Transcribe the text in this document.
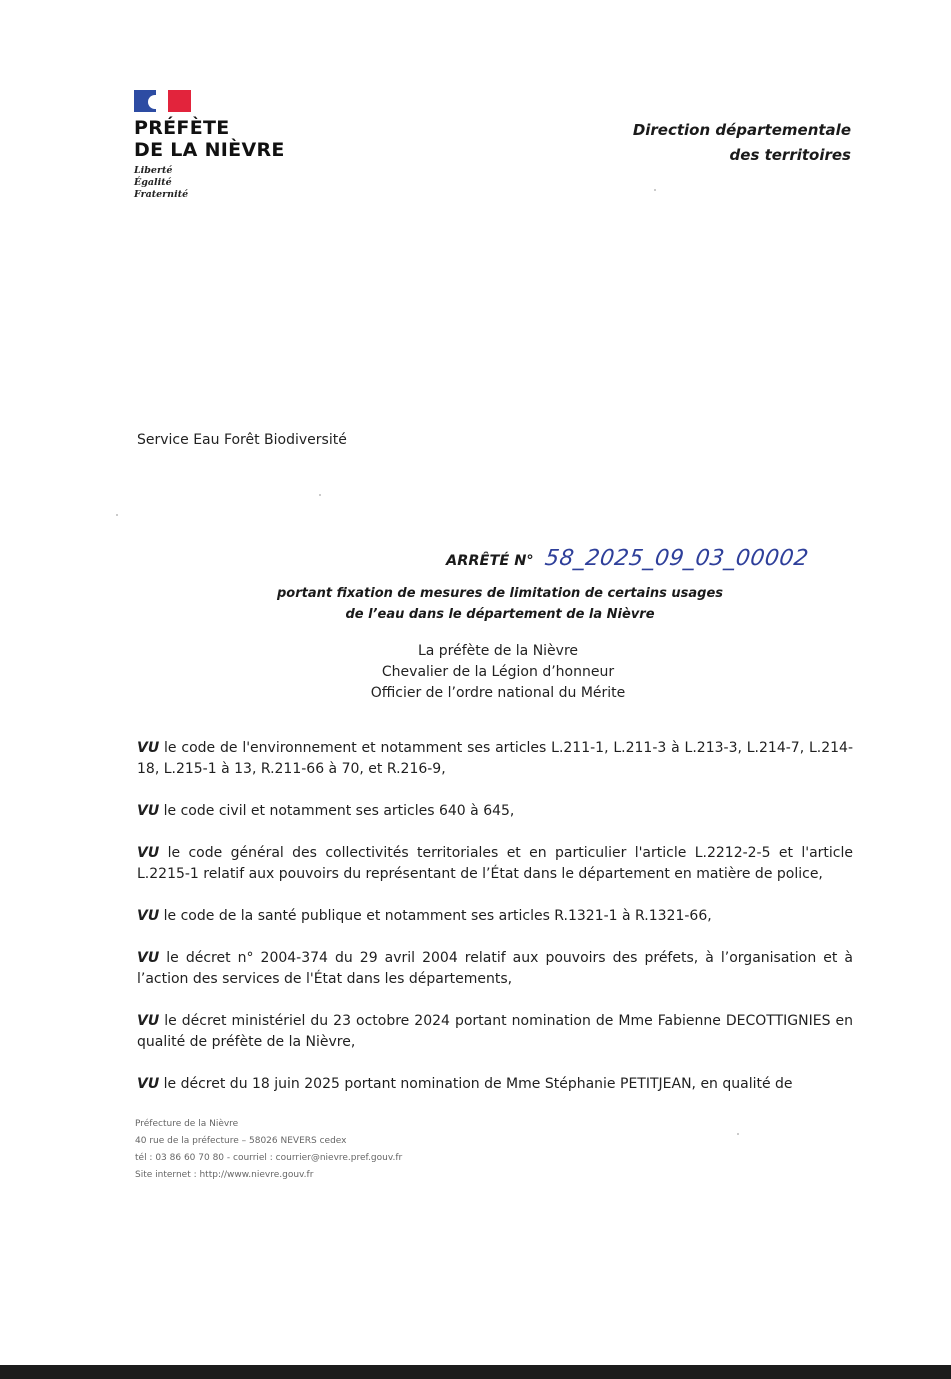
PRÉFÈTE
DE LA NIÈVRE
Liberté
Égalité
Fraternité
Direction départementale
des territoires
Service Eau Forêt Biodiversité
ARRÊTÉ N° 58_2025_09_03_00002
portant fixation de mesures de limitation de certains usages
de l’eau dans le département de la Nièvre
La préfète de la Nièvre
Chevalier de la Légion d’honneur
Officier de l’ordre national du Mérite

VU le code de l'environnement et notamment ses articles L.211-1, L.211-3 à L.213-3, L.214-7, L.214-18, L.215-1 à 13, R.211-66 à 70, et R.216-9,

VU le code civil et notamment ses articles 640 à 645,

VU le code général des collectivités territoriales et en particulier l'article L.2212-2-5 et l'article L.2215-1 relatif aux pouvoirs du représentant de l’État dans le département en matière de police,

VU le code de la santé publique et notamment ses articles R.1321-1 à R.1321-66,

VU le décret n° 2004-374 du 29 avril 2004 relatif aux pouvoirs des préfets, à l’organisation et à l’action des services de l'État dans les départements,

VU le décret ministériel du 23 octobre 2024 portant nomination de Mme Fabienne DECOTTIGNIES en qualité de préfète de la Nièvre,

VU le décret du 18 juin 2025 portant nomination de Mme Stéphanie PETITJEAN, en qualité de

Préfecture de la Nièvre
40 rue de la préfecture – 58026 NEVERS cedex
tél : 03 86 60 70 80 - courriel : courrier@nievre.pref.gouv.fr
Site internet : http://www.nievre.gouv.fr
